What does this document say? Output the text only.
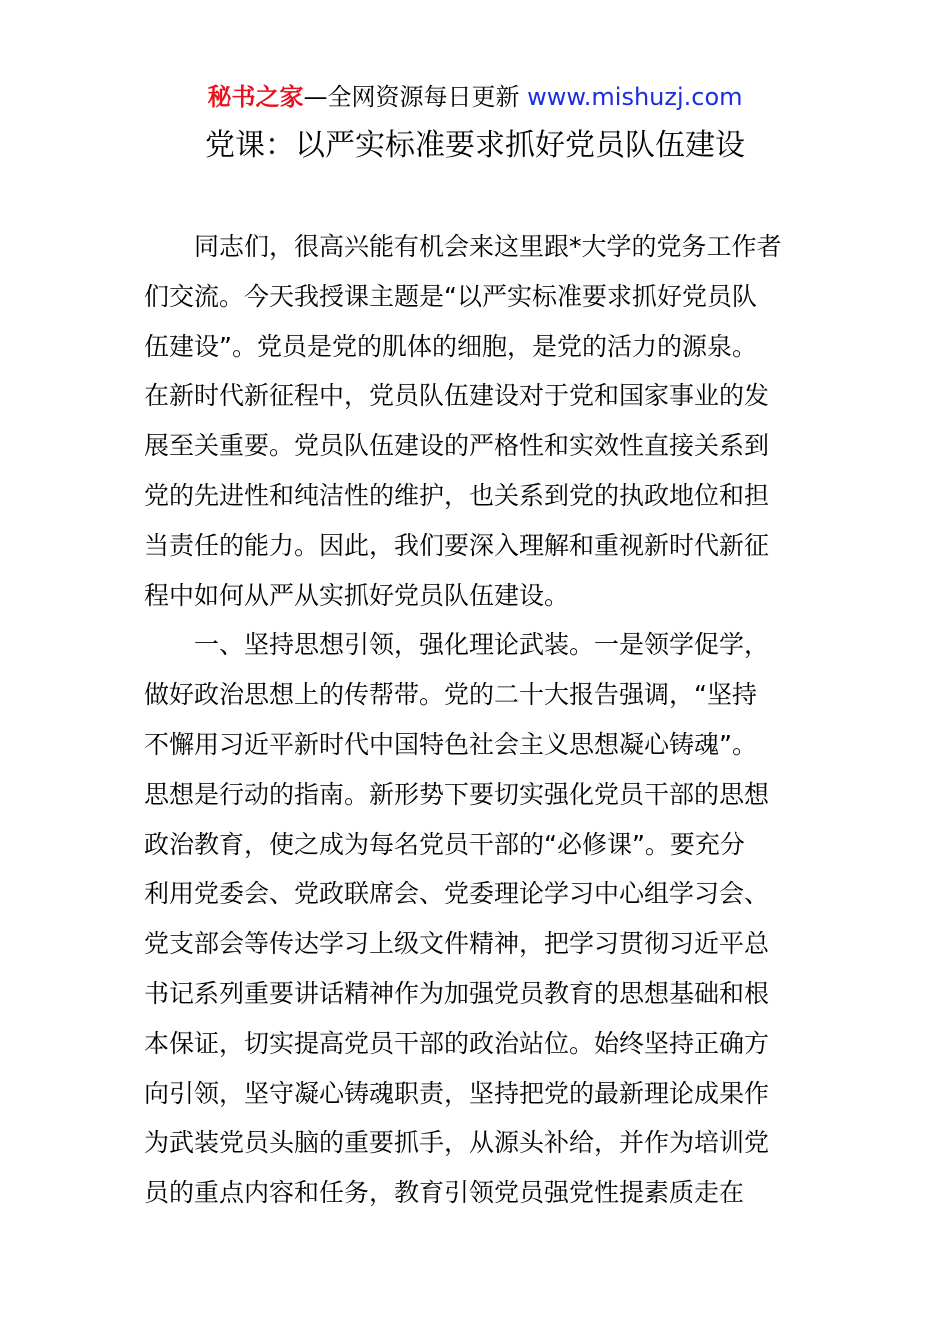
秘书之家—全网资源每日更新 www.mishuzj.com
党课：以严实标准要求抓好党员队伍建设
同志们，很高兴能有机会来这里跟*大学的党务工作者
们交流。今天我授课主题是“以严实标准要求抓好党员队
伍建设”。党员是党的肌体的细胞，是党的活力的源泉。
在新时代新征程中，党员队伍建设对于党和国家事业的发
展至关重要。党员队伍建设的严格性和实效性直接关系到
党的先进性和纯洁性的维护，也关系到党的执政地位和担
当责任的能力。因此，我们要深入理解和重视新时代新征
程中如何从严从实抓好党员队伍建设。
一、坚持思想引领，强化理论武装。一是领学促学，
做好政治思想上的传帮带。党的二十大报告强调，“坚持
不懈用习近平新时代中国特色社会主义思想凝心铸魂”。
思想是行动的指南。新形势下要切实强化党员干部的思想
政治教育，使之成为每名党员干部的“必修课”。要充分
利用党委会、党政联席会、党委理论学习中心组学习会、
党支部会等传达学习上级文件精神，把学习贯彻习近平总
书记系列重要讲话精神作为加强党员教育的思想基础和根
本保证，切实提高党员干部的政治站位。始终坚持正确方
向引领，坚守凝心铸魂职责，坚持把党的最新理论成果作
为武装党员头脑的重要抓手，从源头补给，并作为培训党
员的重点内容和任务，教育引领党员强党性提素质走在
